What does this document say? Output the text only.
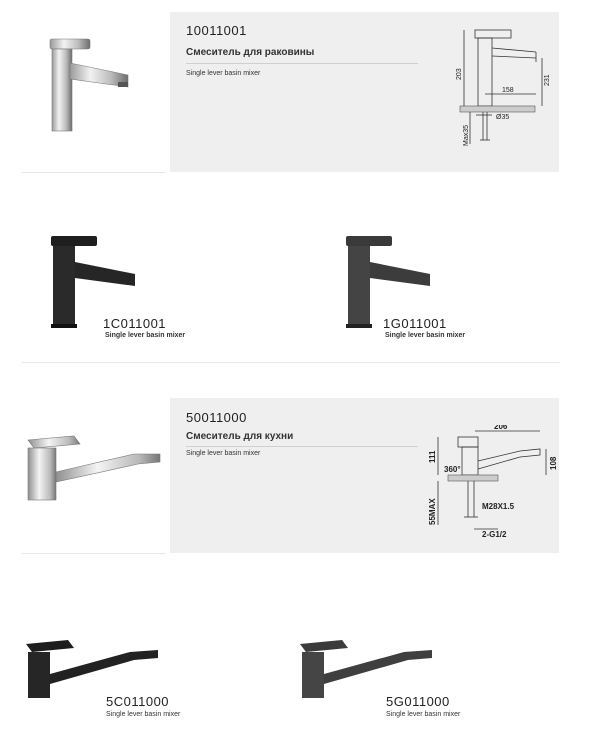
10011001
Смеситель для раковины
Single lever basin mixer	203
231
158
Ø35
Max35
1C011001
Single lever basin mixer
1G011001
Single lever basin mixer
50011000
Смеситель для кухни
Single lever basin mixer
206
111	108
360°
M28X1.5
2-G1/2
55MAX
5C011000
Single lever basin mixer
5G011000
Single lever basin mixer
